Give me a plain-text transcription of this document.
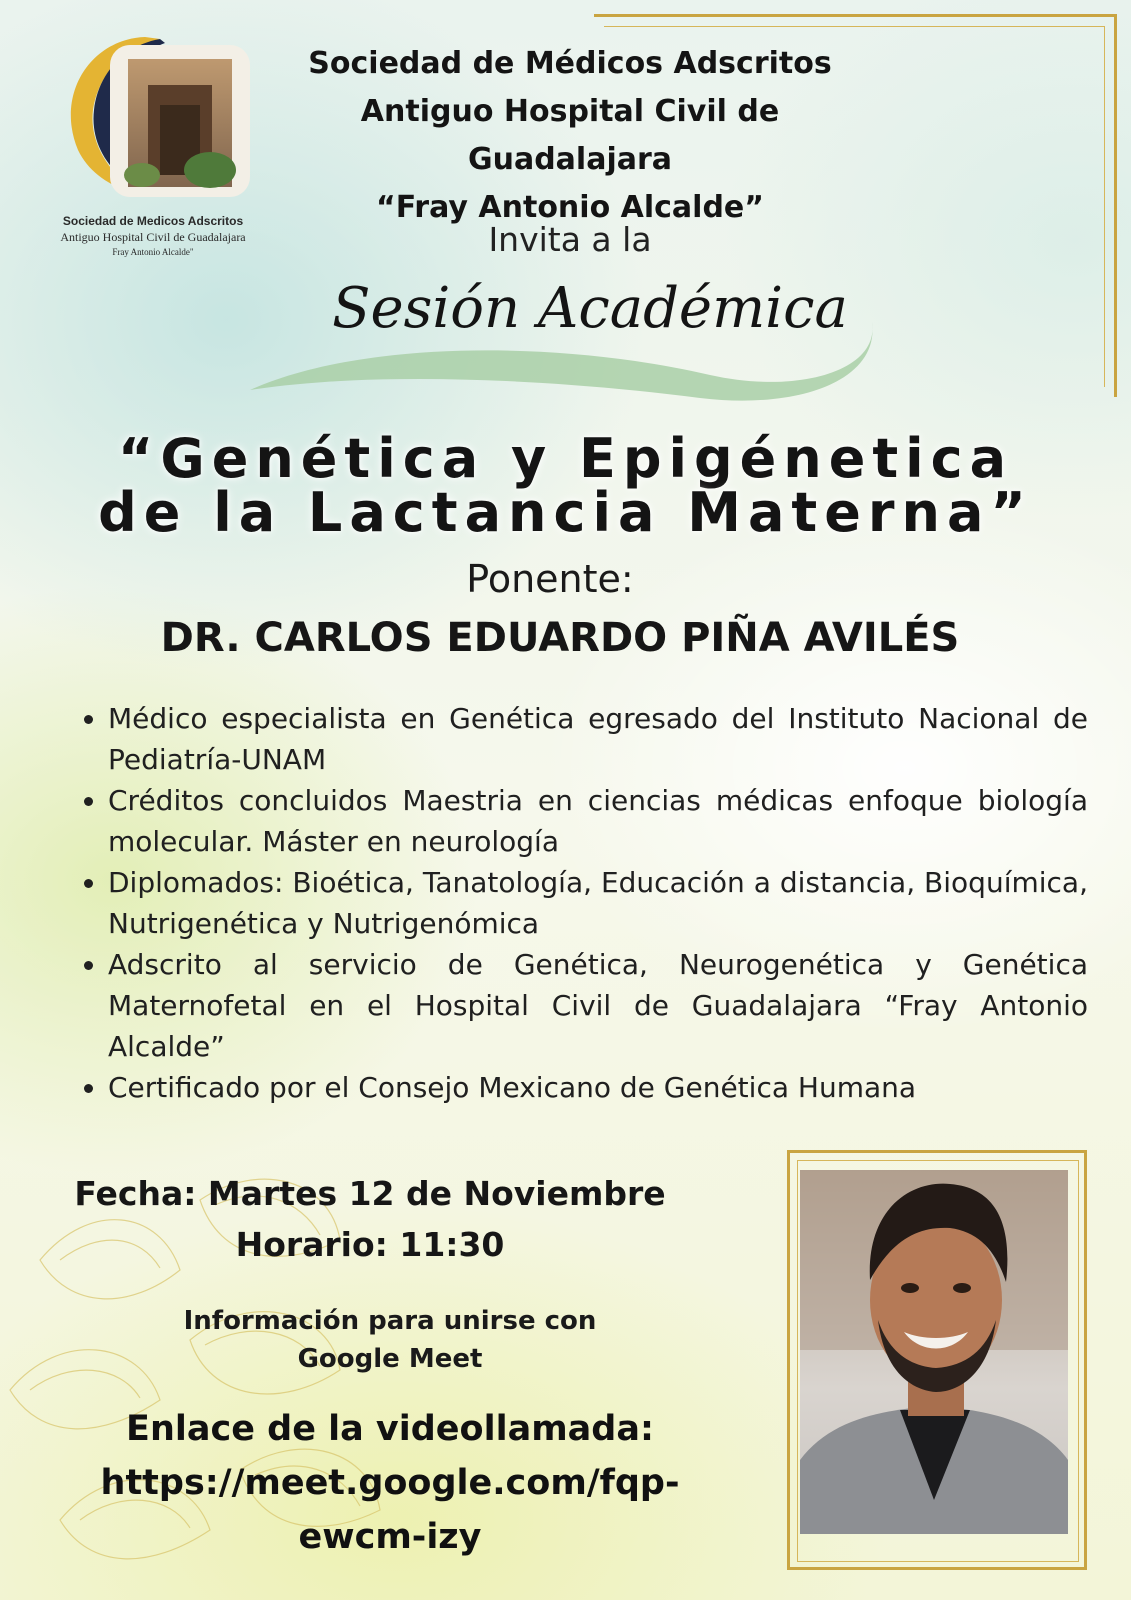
Sociedad de Medicos Adscritos
Antiguo Hospital Civil de Guadalajara
Fray Antonio Alcalde"
Sociedad de Médicos Adscritos
Antiguo Hospital Civil de Guadalajara
“Fray Antonio Alcalde”
Invita a la
Sesión Académica
“Genética y Epigénetica
de la Lactancia Materna”
Ponente:
DR. CARLOS EDUARDO PIÑA AVILÉS
• Médico especialista en Genética egresado del Instituto Nacional de Pediatría-UNAM
• Créditos concluidos Maestria en ciencias médicas enfoque biología molecular. Máster en neurología
• Diplomados: Bioética, Tanatología, Educación a distancia, Bioquímica, Nutrigenética y Nutrigenómica
• Adscrito al servicio de Genética, Neurogenética y Genética Maternofetal en el Hospital Civil de Guadalajara “Fray Antonio Alcalde”
• Certificado por el Consejo Mexicano de Genética Humana
Fecha: Martes 12 de Noviembre
Horario: 11:30
Información para unirse con
Google Meet
Enlace de la videollamada:
https://meet.google.com/fqp-
ewcm-izy
